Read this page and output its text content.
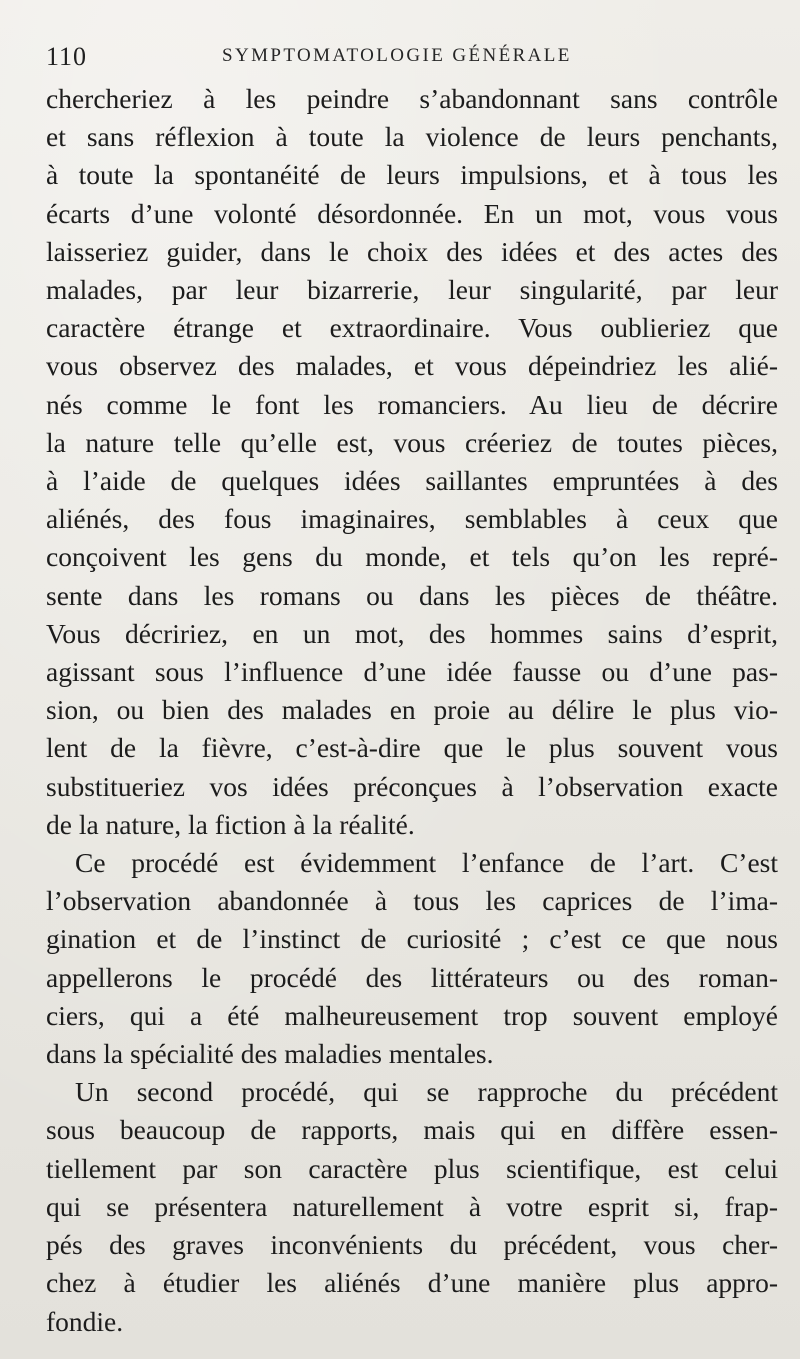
110	SYMPTOMATOLOGIE GÉNÉRALE

chercheriez à les peindre s’abandonnant sans contrôle
et sans réflexion à toute la violence de leurs penchants,
à toute la spontanéité de leurs impulsions, et à tous les
écarts d’une volonté désordonnée. En un mot, vous vous
laisseriez guider, dans le choix des idées et des actes des
malades, par leur bizarrerie, leur singularité, par leur
caractère étrange et extraordinaire. Vous oublieriez que
vous observez des malades, et vous dépeindriez les alié-
nés comme le font les romanciers. Au lieu de décrire
la nature telle qu’elle est, vous créeriez de toutes pièces,
à l’aide de quelques idées saillantes empruntées à des
aliénés, des fous imaginaires, semblables à ceux que
conçoivent les gens du monde, et tels qu’on les repré-
sente dans les romans ou dans les pièces de théâtre.
Vous décririez, en un mot, des hommes sains d’esprit,
agissant sous l’influence d’une idée fausse ou d’une pas-
sion, ou bien des malades en proie au délire le plus vio-
lent de la fièvre, c’est-à-dire que le plus souvent vous
substitueriez vos idées préconçues à l’observation exacte
de la nature, la fiction à la réalité.

Ce procédé est évidemment l’enfance de l’art. C’est
l’observation abandonnée à tous les caprices de l’ima-
gination et de l’instinct de curiosité ; c’est ce que nous
appellerons le procédé des littérateurs ou des roman-
ciers, qui a été malheureusement trop souvent employé
dans la spécialité des maladies mentales.

Un second procédé, qui se rapproche du précédent
sous beaucoup de rapports, mais qui en diffère essen-
tiellement par son caractère plus scientifique, est celui
qui se présentera naturellement à votre esprit si, frap-
pés des graves inconvénients du précédent, vous cher-
chez à étudier les aliénés d’une manière plus appro-
fondie.
